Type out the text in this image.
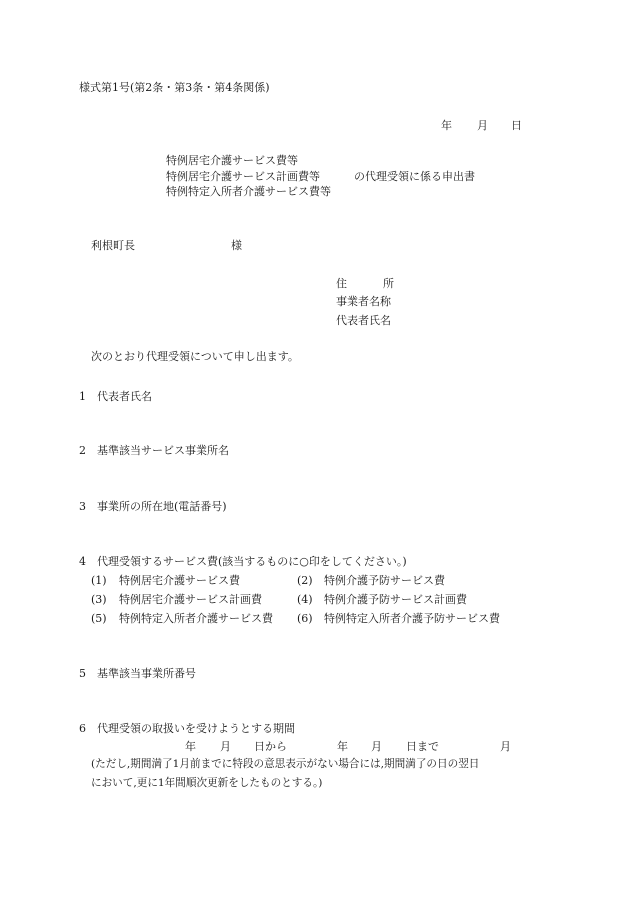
様式第1号(第2条・第3条・第4条関係)
年 月 日
特例居宅介護サービス費等
特例居宅介護サービス計画費等	の代理受領に係る申出書
特例特定入所者介護サービス費等
利根町長	様
住	所
事業者名称
代表者氏名
次のとおり代理受領について申し出ます。
1 代表者氏名
2 基準該当サービス事業所名
3 事業所の所在地(電話番号)
4 代理受領するサービス費(該当するものに○印をしてください。)
(1) 特例居宅介護サービス費	(2) 特例介護予防サービス費
(3) 特例居宅介護サービス計画費	(4) 特例介護予防サービス計画費
(5) 特例特定入所者介護サービス費 (6) 特例特定入所者介護予防サービス費
5 基準該当事業所番号
6 代理受領の取扱いを受けようとする期間
年 月 日から	年 月 日まで	月
(ただし,期間満了1月前までに特段の意思表示がない場合には,期間満了の日の翌日
において,更に1年間順次更新をしたものとする。)
